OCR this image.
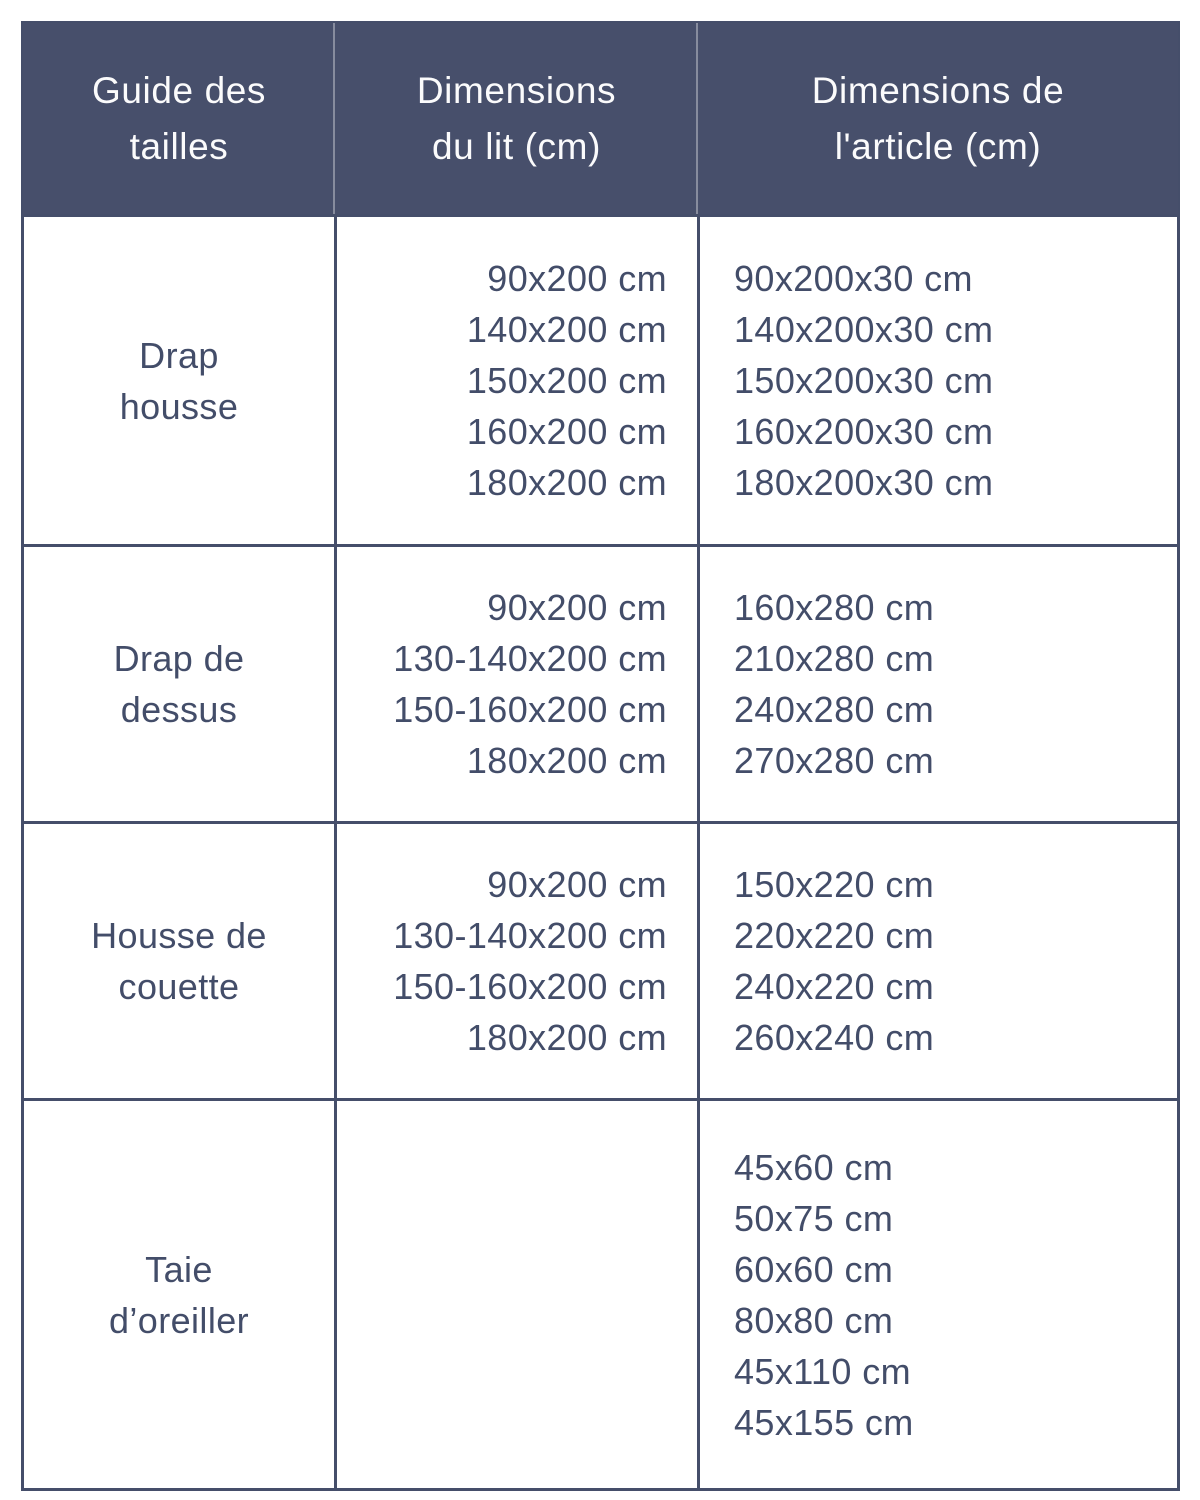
Guide des
tailles
Dimensions
du lit (cm)
Dimensions de
l'article (cm)
Drap
housse
90x200 cm
140x200 cm
150x200 cm
160x200 cm
180x200 cm
90x200x30 cm
140x200x30 cm
150x200x30 cm
160x200x30 cm
180x200x30 cm
Drap de
dessus
90x200 cm
130-140x200 cm
150-160x200 cm
180x200 cm
160x280 cm
210x280 cm
240x280 cm
270x280 cm
Housse de
couette
90x200 cm
130-140x200 cm
150-160x200 cm
180x200 cm
150x220 cm
220x220 cm
240x220 cm
260x240 cm
Taie
d’oreiller
45x60 cm
50x75 cm
60x60 cm
80x80 cm
45x110 cm
45x155 cm
